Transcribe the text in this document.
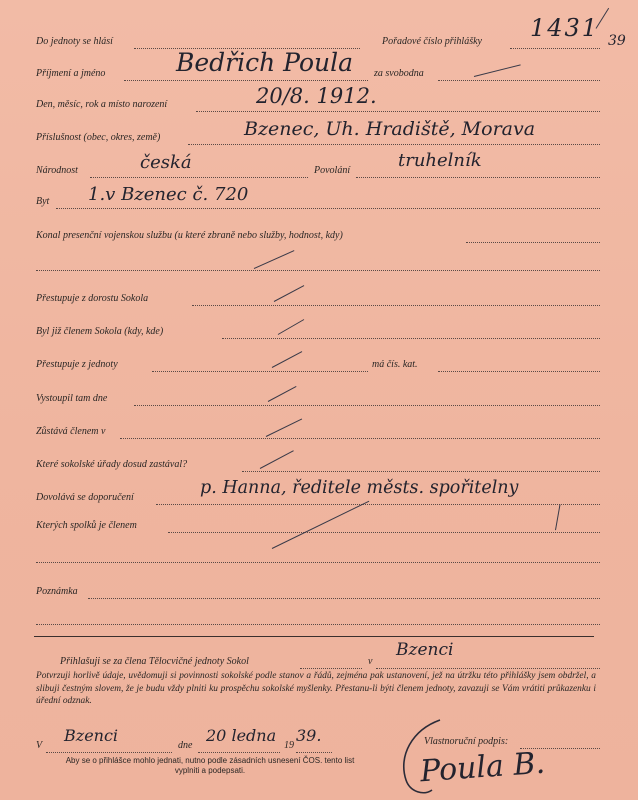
Do jednoty se hlásí	Pořadové číslo přihlášky 1431 39
Příjmení a jméno	Bedřich Poula za svobodna
Den, měsíc, rok a místo narození	20/8. 1912.
Příslušnost (obec, okres, země)	Bzenec, Uh. Hradiště, Morava
Národnost	česká	Povolání	truhelník
Byt 1.v Bzenec č. 720
Konal presenční vojenskou službu (u které zbraně nebo služby, hodnost, kdy)
Přestupuje z dorostu Sokola
Byl již členem Sokola (kdy, kde)
Přestupuje z jednoty	má čís. kat.
Vystoupil tam dne
Zůstává členem v
Které sokolské úřady dosud zastával?
Dovolává se doporučení	p. Hanna, ředitele městs. spořitelny
Kterých spolků je členem
Poznámka
Přihlašuji se za člena Tělocvičné jednoty Sokol	v
Bzenci
Potvrzuji horlivě údaje, uvědomuji si povinnosti sokolské podle stanov a řádů, zejména pak ustanovení, jež na útržku této přihlášky jsem obdržel, a slibuji čestným slovem, že je budu vždy plniti ku prospěchu sokolské myšlenky. Přestanu-li býti členem jednoty, zavazuji se Vám vrátiti průkazenku i úřední odznak.
V
Bzenci
dne
20 ledna
19
39.	Vlastnoruční podpis:
Poula B.
Aby se o přihlášce mohlo jednati, nutno podle zásadních usnesení ČOS. tento list vyplniti a podepsati.
